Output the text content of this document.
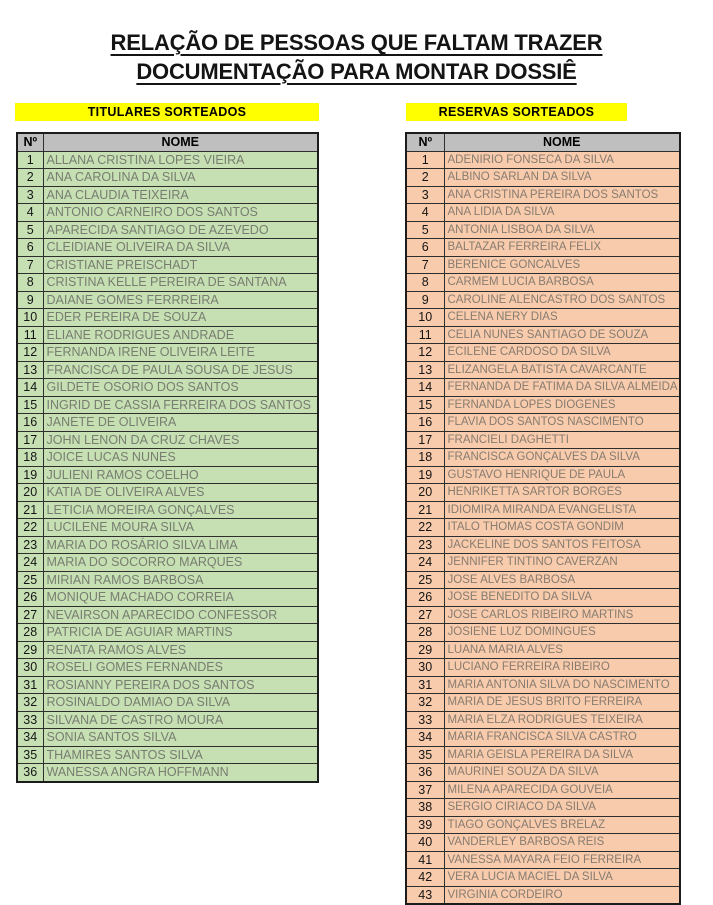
RELAÇÃO DE PESSOAS QUE FALTAM TRAZER
DOCUMENTAÇÃO PARA MONTAR DOSSIÊ
TITULARES SORTEADOS	RESERVAS SORTEADOS
Nº	NOME
1	ALLANA CRISTINA LOPES VIEIRA
2	ANA CAROLINA DA SILVA
3	ANA CLAUDIA TEIXEIRA
4	ANTONIO CARNEIRO DOS SANTOS
5	APARECIDA SANTIAGO DE AZEVEDO
6	CLEIDIANE OLIVEIRA DA SILVA
7	CRISTIANE PREISCHADT
8	CRISTINA KELLE PEREIRA DE SANTANA
9	DAIANE GOMES FERRREIRA
10	EDER PEREIRA DE SOUZA
11	ELIANE RODRIGUES ANDRADE
12	FERNANDA IRENE OLIVEIRA LEITE
13	FRANCISCA DE PAULA SOUSA DE JESUS
14	GILDETE OSORIO DOS SANTOS
15	INGRID DE CASSIA FERREIRA DOS SANTOS
16	JANETE DE OLIVEIRA
17	JOHN LENON DA CRUZ CHAVES
18	JOICE LUCAS NUNES
19	JULIENI RAMOS COELHO
20	KATIA DE OLIVEIRA ALVES
21	LETICIA MOREIRA GONÇALVES
22	LUCILENE MOURA SILVA
23	MARIA DO ROSÁRIO SILVA LIMA
24	MARIA DO SOCORRO MARQUES
25	MIRIAN RAMOS BARBOSA
26	MONIQUE MACHADO CORREIA
27	NEVAIRSON APARECIDO CONFESSOR
28	PATRICIA DE AGUIAR MARTINS
29	RENATA RAMOS ALVES
30	ROSELI GOMES FERNANDES
31	ROSIANNY PEREIRA DOS SANTOS
32	ROSINALDO DAMIAO DA SILVA
33	SILVANA DE CASTRO MOURA
34	SONIA SANTOS SILVA
35	THAMIRES SANTOS SILVA
36	WANESSA ANGRA HOFFMANN
Nº	NOME
1	ADENIRIO FONSECA DA SILVA
2	ALBINO SARLAN DA SILVA
3	ANA CRISTINA PEREIRA DOS SANTOS
4	ANA LIDIA DA SILVA
5	ANTONIA LISBOA DA SILVA
6	BALTAZAR FERREIRA FELIX
7	BERENICE GONCALVES
8	CARMEM LUCIA BARBOSA
9	CAROLINE ALENCASTRO DOS SANTOS
10	CELENA NERY DIAS
11	CELIA NUNES SANTIAGO DE SOUZA
12	ECILENE CARDOSO DA SILVA
13	ELIZANGELA BATISTA CAVARCANTE
14	FERNANDA DE FATIMA DA SILVA ALMEIDA
15	FERNANDA LOPES DIOGENES
16	FLAVIA DOS SANTOS NASCIMENTO
17	FRANCIELI DAGHETTI
18	FRANCISCA GONÇALVES DA SILVA
19	GUSTAVO HENRIQUE DE PAULA
20	HENRIKETTA SARTOR BORGES
21	IDIOMIRA MIRANDA EVANGELISTA
22	ITALO THOMAS COSTA GONDIM
23	JACKELINE DOS SANTOS FEITOSA
24	JENNIFER TINTINO CAVERZAN
25	JOSE ALVES BARBOSA
26	JOSE BENEDITO DA SILVA
27	JOSE CARLOS RIBEIRO MARTINS
28	JOSIENE LUZ DOMINGUES
29	LUANA MARIA ALVES
30	LUCIANO FERREIRA RIBEIRO
31	MARIA ANTONIA SILVA DO NASCIMENTO
32	MARIA DE JESUS BRITO FERREIRA
33	MARIA ELZA RODRIGUES TEIXEIRA
34	MARIA FRANCISCA SILVA CASTRO
35	MARIA GEISLA PEREIRA DA SILVA
36	MAURINEI SOUZA DA SILVA
37	MILENA APARECIDA GOUVEIA
38	SERGIO CIRIACO DA SILVA
39	TIAGO GONÇALVES BRELAZ
40	VANDERLEY BARBOSA REIS
41	VANESSA MAYARA FEIO FERREIRA
42	VERA LUCIA MACIEL DA SILVA
43	VIRGINIA CORDEIRO
